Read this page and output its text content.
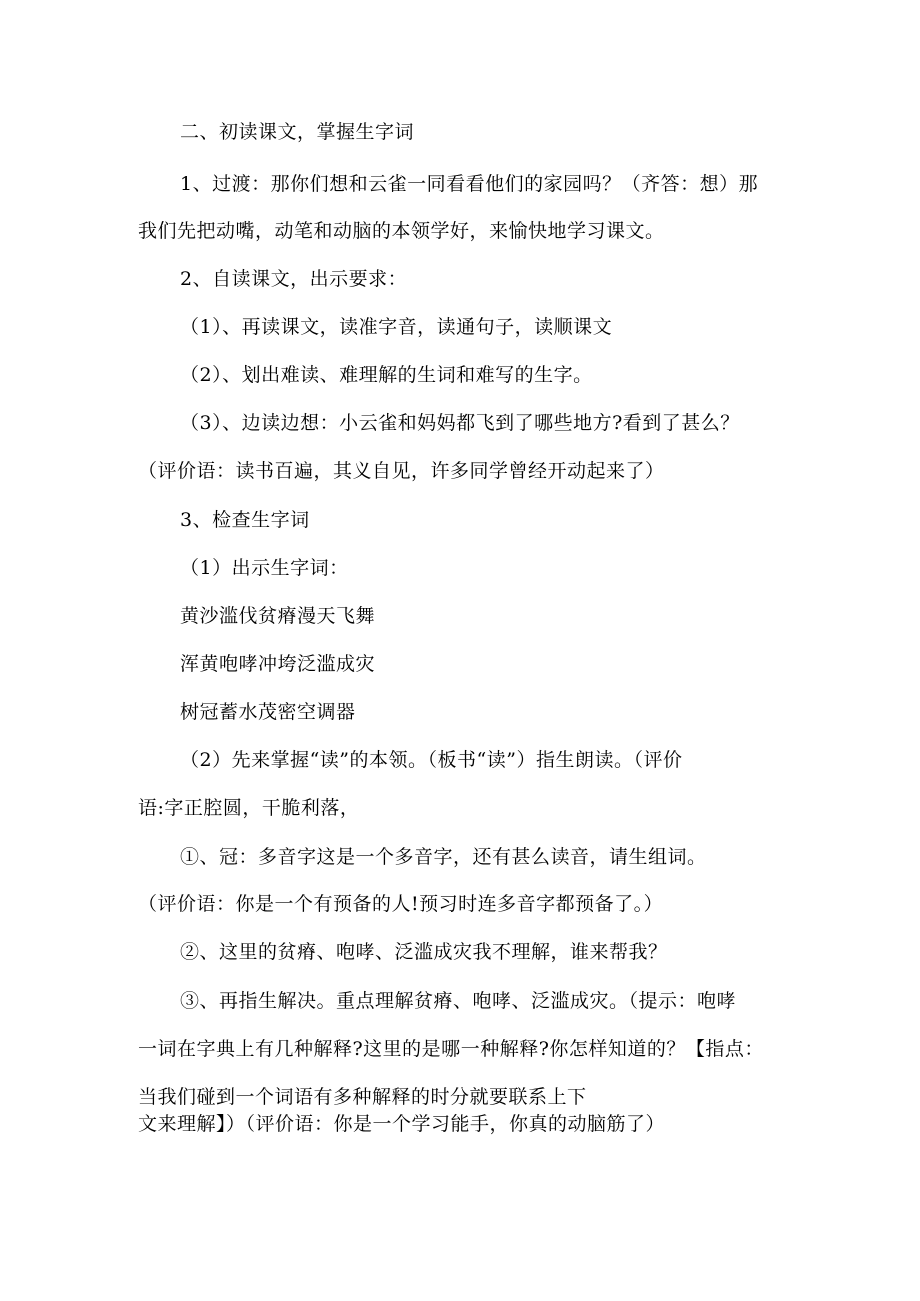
二、初读课文，掌握生字词
1、过渡：那你们想和云雀一同看看他们的家园吗？（齐答：想）那
我们先把动嘴，动笔和动脑的本领学好，来愉快地学习课文。
2、自读课文，出示要求：
（1）、再读课文，读准字音，读通句子，读顺课文
（2）、划出难读、难理解的生词和难写的生字。
（3）、边读边想：小云雀和妈妈都飞到了哪些地方?看到了甚么？
（评价语：读书百遍，其义自见，许多同学曾经开动起来了）
3、检查生字词
（1）出示生字词：
黄沙滥伐贫瘠漫天飞舞
浑黄咆哮冲垮泛滥成灾
树冠蓄水茂密空调器
（2）先来掌握“读”的本领。（板书“读”）指生朗读。（评价
语:字正腔圆，干脆利落，
①、冠：多音字这是一个多音字，还有甚么读音，请生组词。
（评价语：你是一个有预备的人!预习时连多音字都预备了。）
②、这里的贫瘠、咆哮、泛滥成灾我不理解，谁来帮我？
③、再指生解决。重点理解贫瘠、咆哮、泛滥成灾。（提示：咆哮
一词在字典上有几种解释?这里的是哪一种解释?你怎样知道的？【指点：
当我们碰到一个词语有多种解释的时分就要联系上下
文来理解】）（评价语：你是一个学习能手，你真的动脑筋了）
